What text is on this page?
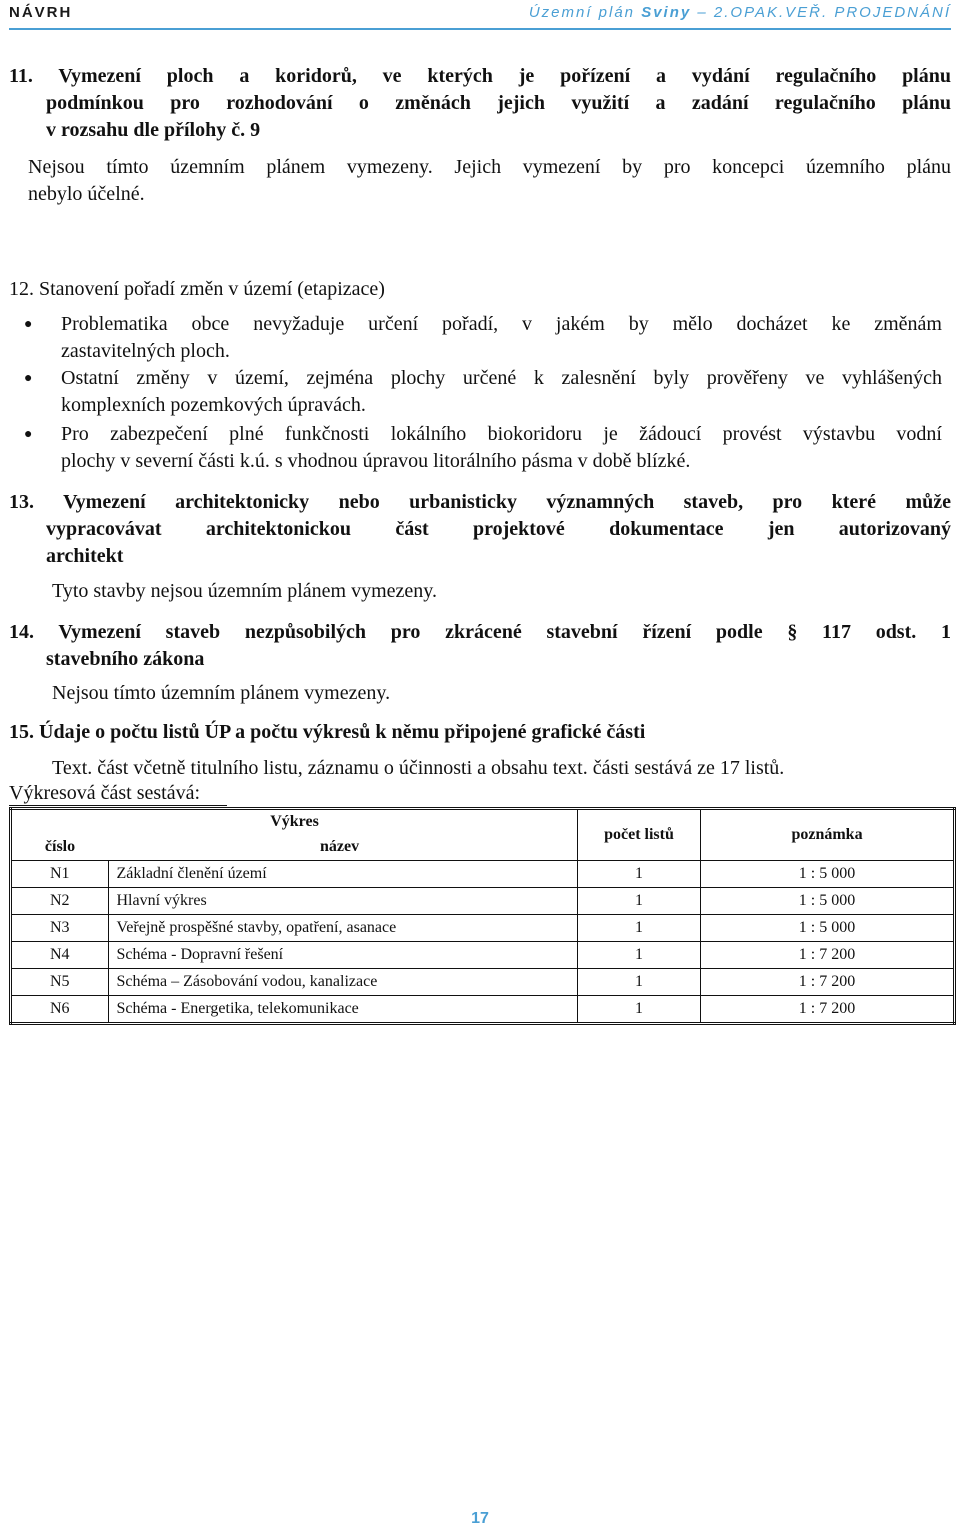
NÁVRH	Územní plán Sviny – 2.OPAK.VEŘ. PROJEDNÁNÍ
11. Vymezení ploch a koridorů, ve kterých je pořízení a vydání regulačního plánu
podmínkou pro rozhodování o změnách jejich využití a zadání regulačního plánu
v rozsahu dle přílohy č. 9
Nejsou tímto územním plánem vymezeny. Jejich vymezení by pro koncepci územního plánu
nebylo účelné.
12. Stanovení pořadí změn v území (etapizace)
● Problematika obce nevyžaduje určení pořadí, v jakém by mělo docházet ke změnám
zastavitelných ploch.
● Ostatní změny v území, zejména plochy určené k zalesnění byly prověřeny ve vyhlášených
komplexních pozemkových úpravách.
● Pro zabezpečení plné funkčnosti lokálního biokoridoru je žádoucí provést výstavbu vodní
plochy v severní části k.ú. s vhodnou úpravou litorálního pásma v době blízké.
13. Vymezení architektonicky nebo urbanisticky významných staveb, pro které může
vypracovávat architektonickou část projektové dokumentace jen autorizovaný
architekt
Tyto stavby nejsou územním plánem vymezeny.
14. Vymezení staveb nezpůsobilých pro zkrácené stavební řízení podle § 117 odst. 1
stavebního zákona
Nejsou tímto územním plánem vymezeny.
15. Údaje o počtu listů ÚP a počtu výkresů k němu připojené grafické části
Text. část včetně titulního listu, záznamu o účinnosti a obsahu text. části sestává ze 17 listů.
Výkresová část sestává:
Výkres		počet listů	poznámka
číslo	název		
N1	Základní členění území	1	1 : 5 000
N2	Hlavní výkres	1	1 : 5 000
N3	Veřejně prospěšné stavby, opatření, asanace	1	1 : 5 000
N4	Schéma - Dopravní řešení	1	1 : 7 200
N5	Schéma – Zásobování vodou, kanalizace	1	1 : 7 200
N6	Schéma - Energetika, telekomunikace	1	1 : 7 200
17
